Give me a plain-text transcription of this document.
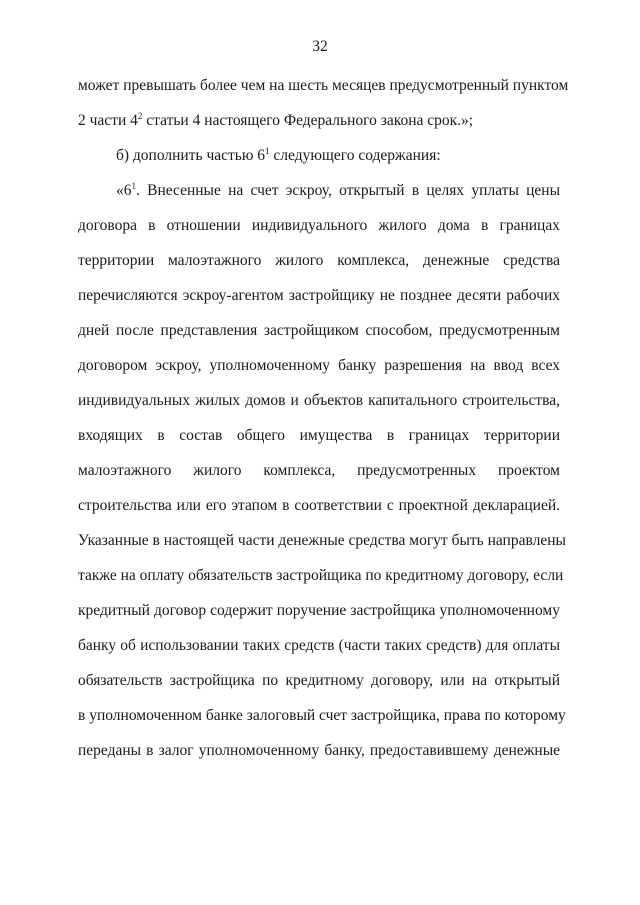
32

может превышать более чем на шесть месяцев предусмотренный пунктом

2 части $4^2$ статьи 4 настоящего Федерального закона срок.»;

б) дополнить частью $6^1$ следующего содержания:

«$6^1$. Внесенные на счет эскроу, открытый в целях уплаты цены

договора в отношении индивидуального жилого дома в границах

территории малоэтажного жилого комплекса, денежные средства

перечисляются эскроу-агентом застройщику не позднее десяти рабочих

дней после представления застройщиком способом, предусмотренным

договором эскроу, уполномоченному банку разрешения на ввод всех

индивидуальных жилых домов и объектов капитального строительства,

входящих в состав общего имущества в границах территории

малоэтажного жилого комплекса, предусмотренных проектом

строительства или его этапом в соответствии с проектной декларацией.

Указанные в настоящей части денежные средства могут быть направлены

также на оплату обязательств застройщика по кредитному договору, если

кредитный договор содержит поручение застройщика уполномоченному

банку об использовании таких средств (части таких средств) для оплаты

обязательств застройщика по кредитному договору, или на открытый

в уполномоченном банке залоговый счет застройщика, права по которому

переданы в залог уполномоченному банку, предоставившему денежные
